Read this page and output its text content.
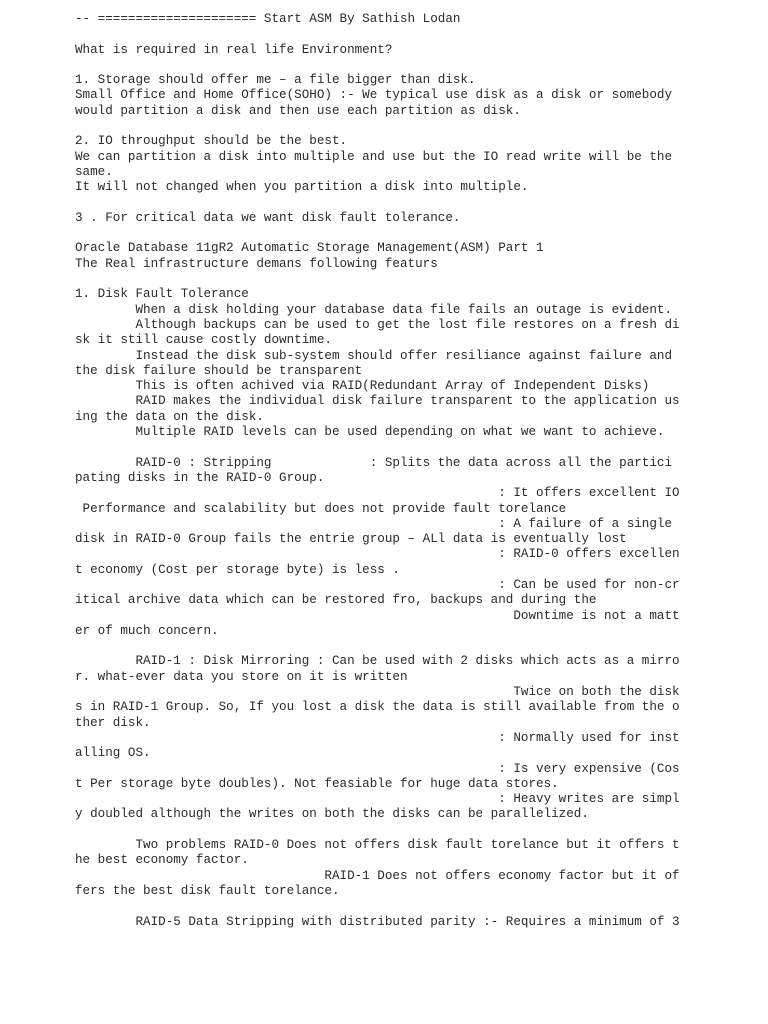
-- ===================== Start ASM By Sathish Lodan
What is required in real life Environment?
1. Storage should offer me – a file bigger than disk.
Small Office and Home Office(SOHO) :- We typical use disk as a disk or somebody
would partition a disk and then use each partition as disk.
2. IO throughput should be the best.
We can partition a disk into multiple and use but the IO read write will be the
same.
It will not changed when you partition a disk into multiple.
3 . For critical data we want disk fault tolerance.
Oracle Database 11gR2 Automatic Storage Management(ASM) Part 1
The Real infrastructure demans following featurs
1. Disk Fault Tolerance
When a disk holding your database data file fails an outage is evident.
Although backups can be used to get the lost file restores on a fresh di
sk it still cause costly downtime.
Instead the disk sub-system should offer resiliance against failure and
the disk failure should be transparent
This is often achived via RAID(Redundant Array of Independent Disks)
RAID makes the individual disk failure transparent to the application us
ing the data on the disk.
Multiple RAID levels can be used depending on what we want to achieve.
RAID-0 : Stripping             : Splits the data across all the partici
pating disks in the RAID-0 Group.
: It offers excellent IO
Performance and scalability but does not provide fault torelance
: A failure of a single
disk in RAID-0 Group fails the entrie group – ALl data is eventually lost
: RAID-0 offers excellen
t economy (Cost per storage byte) is less .
: Can be used for non-cr
itical archive data which can be restored fro, backups and during the
Downtime is not a matt
er of much concern.
RAID-1 : Disk Mirroring : Can be used with 2 disks which acts as a mirro
r. what-ever data you store on it is written
Twice on both the disk
s in RAID-1 Group. So, If you lost a disk the data is still available from the o
ther disk.
: Normally used for inst
alling OS.
: Is very expensive (Cos
t Per storage byte doubles). Not feasiable for huge data stores.
: Heavy writes are simpl
y doubled although the writes on both the disks can be parallelized.
Two problems RAID-0 Does not offers disk fault torelance but it offers t
he best economy factor.
RAID-1 Does not offers economy factor but it of
fers the best disk fault torelance.
RAID-5 Data Stripping with distributed parity :- Requires a minimum of 3
